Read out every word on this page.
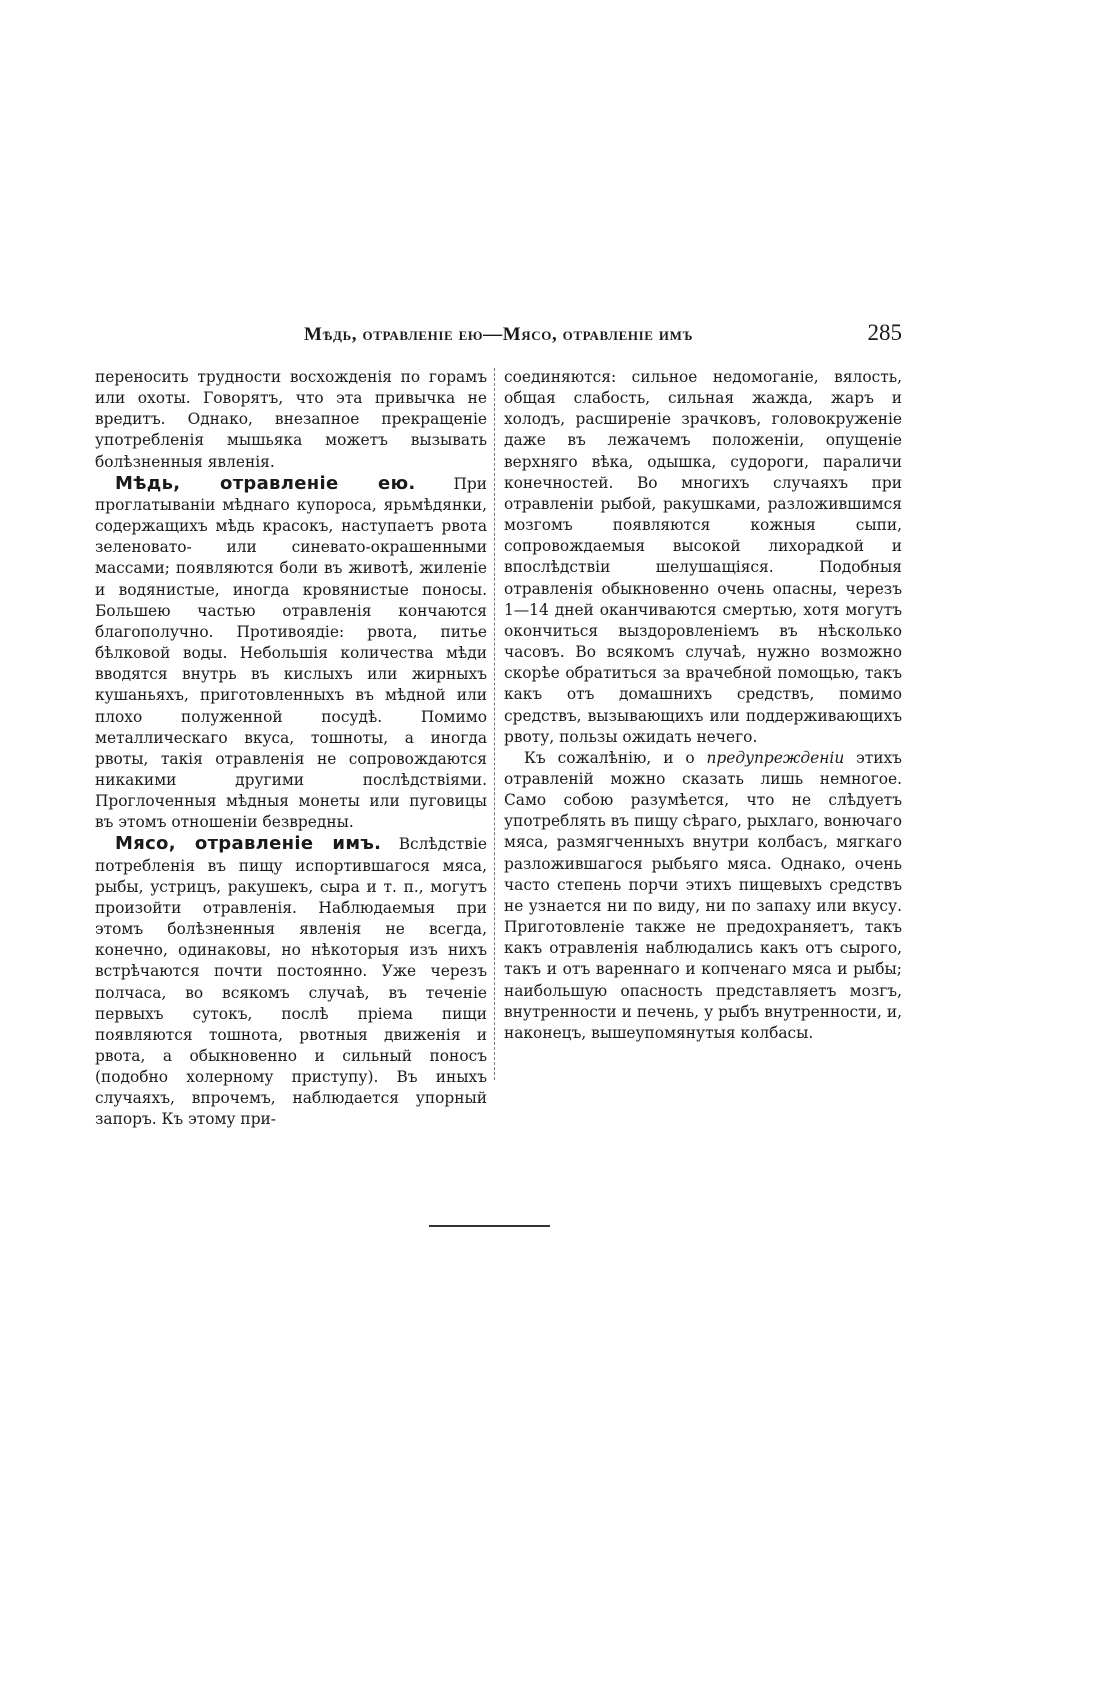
Мѣдь, отравленіе ею—Мясо, отравленіе имъ	285

переносить трудности восхожденія по горамъ или охоты. Говорятъ, что эта привычка не вредитъ. Однако, внезапное прекращеніе употребленія мышьяка можетъ вызывать болѣзненныя явленія.

Мѣдь, отравленіе ею. При проглатываніи мѣднаго купороса, ярьмѣдянки, содержащихъ мѣдь красокъ, наступаетъ рвота зеленовато- или синевато-окрашенными массами; появляются боли въ животѣ, жиленіе и водянистые, иногда кровянистые поносы. Большею частью отравленія кончаются благополучно. Противоядіе: рвота, питье бѣлковой воды. Небольшія количества мѣди вводятся внутрь въ кислыхъ или жирныхъ кушаньяхъ, приготовленныхъ въ мѣдной или плохо полуженной посудѣ. Помимо металлическаго вкуса, тошноты, а иногда рвоты, такія отравленія не сопровождаются никакими другими послѣдствіями. Проглоченныя мѣдныя монеты или пуговицы въ этомъ отношеніи безвредны.

Мясо, отравленіе имъ. Вслѣдствіе потребленія въ пищу испортившагося мяса, рыбы, устрицъ, ракушекъ, сыра и т. п., могутъ произойти отравленія. Наблюдаемыя при этомъ болѣзненныя явленія не всегда, конечно, одинаковы, но нѣкоторыя изъ нихъ встрѣчаются почти постоянно. Уже черезъ полчаса, во всякомъ случаѣ, въ теченіе первыхъ сутокъ, послѣ пріема пищи появляются тошнота, рвотныя движенія и рвота, а обыкновенно и сильный поносъ (подобно холерному приступу). Въ иныхъ случаяхъ, впрочемъ, наблюдается упорный запоръ. Къ этому при-

соединяются: сильное недомоганіе, вялость, общая слабость, сильная жажда, жаръ и холодъ, расширеніе зрачковъ, головокруженіе даже въ лежачемъ положеніи, опущеніе верхняго вѣка, одышка, судороги, параличи конечностей. Во многихъ случаяхъ при отравленіи рыбой, ракушками, разложившимся мозгомъ появляются кожныя сыпи, сопровождаемыя высокой лихорадкой и впослѣдствіи шелушащіяся. Подобныя отравленія обыкновенно очень опасны, черезъ 1—14 дней оканчиваются смертью, хотя могутъ окончиться выздоровленіемъ въ нѣсколько часовъ. Во всякомъ случаѣ, нужно возможно скорѣе обратиться за врачебной помощью, такъ какъ отъ домашнихъ средствъ, помимо средствъ, вызывающихъ или поддерживающихъ рвоту, пользы ожидать нечего.

Къ сожалѣнію, и о предупрежденіи этихъ отравленій можно сказать лишь немногое. Само собою разумѣется, что не слѣдуетъ употреблять въ пищу сѣраго, рыхлаго, вонючаго мяса, размягченныхъ внутри колбасъ, мягкаго разложившагося рыбьяго мяса. Однако, очень часто степень порчи этихъ пищевыхъ средствъ не узнается ни по виду, ни по запаху или вкусу. Приготовленіе также не предохраняетъ, такъ какъ отравленія наблюдались какъ отъ сырого, такъ и отъ вареннаго и копченаго мяса и рыбы; наибольшую опасность представляетъ мозгъ, внутренности и печень, у рыбъ внутренности, и, наконецъ, вышеупомянутыя колбасы.
